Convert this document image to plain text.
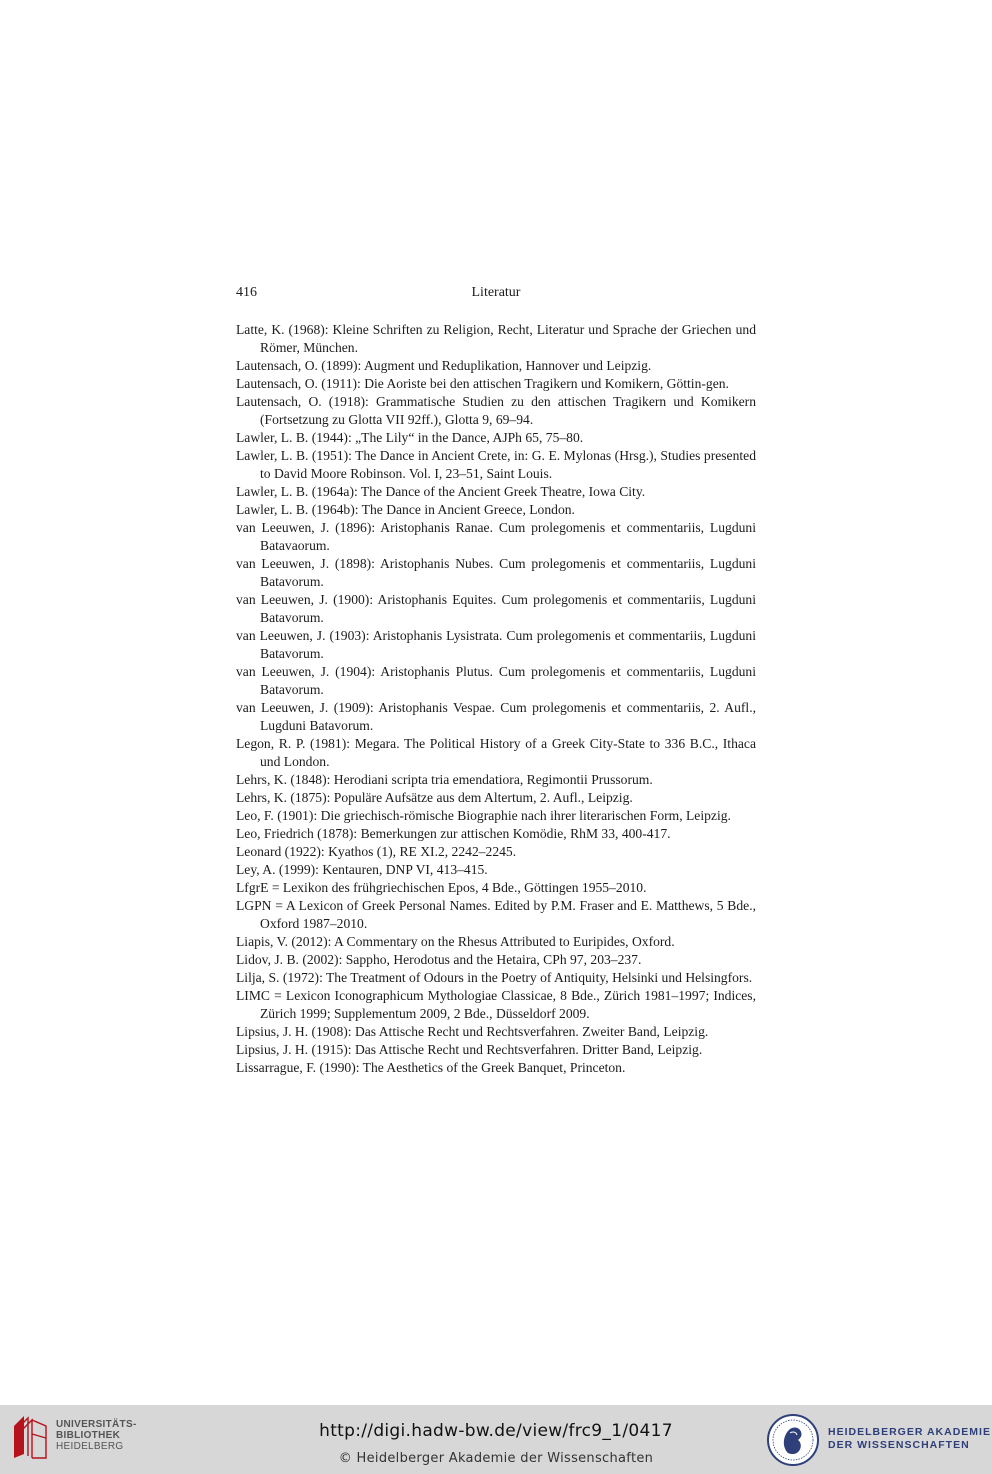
416	Literatur
Latte, K. (1968): Kleine Schriften zu Religion, Recht, Literatur und Sprache der Griechen und Römer, München.
Lautensach, O. (1899): Augment und Reduplikation, Hannover und Leipzig.
Lautensach, O. (1911): Die Aoriste bei den attischen Tragikern und Komikern, Göttin-gen.
Lautensach, O. (1918): Grammatische Studien zu den attischen Tragikern und Komikern (Fortsetzung zu Glotta VII 92ff.), Glotta 9, 69–94.
Lawler, L. B. (1944): „The Lily“ in the Dance, AJPh 65, 75–80.
Lawler, L. B. (1951): The Dance in Ancient Crete, in: G. E. Mylonas (Hrsg.), Studies presented to David Moore Robinson. Vol. I, 23–51, Saint Louis.
Lawler, L. B. (1964a): The Dance of the Ancient Greek Theatre, Iowa City.
Lawler, L. B. (1964b): The Dance in Ancient Greece, London.
van Leeuwen, J. (1896): Aristophanis Ranae. Cum prolegomenis et commentariis, Lugduni Batavaorum.
van Leeuwen, J. (1898): Aristophanis Nubes. Cum prolegomenis et commentariis, Lugduni Batavorum.
van Leeuwen, J. (1900): Aristophanis Equites. Cum prolegomenis et commentariis, Lugduni Batavorum.
van Leeuwen, J. (1903): Aristophanis Lysistrata. Cum prolegomenis et commentariis, Lugduni Batavorum.
van Leeuwen, J. (1904): Aristophanis Plutus. Cum prolegomenis et commentariis, Lugduni Batavorum.
van Leeuwen, J. (1909): Aristophanis Vespae. Cum prolegomenis et commentariis, 2. Aufl., Lugduni Batavorum.
Legon, R. P. (1981): Megara. The Political History of a Greek City-State to 336 B.C., Ithaca und London.
Lehrs, K. (1848): Herodiani scripta tria emendatiora, Regimontii Prussorum.
Lehrs, K. (1875): Populäre Aufsätze aus dem Altertum, 2. Aufl., Leipzig.
Leo, F. (1901): Die griechisch-römische Biographie nach ihrer literarischen Form, Leipzig.
Leo, Friedrich (1878): Bemerkungen zur attischen Komödie, RhM 33, 400-417.
Leonard (1922): Kyathos (1), RE XI.2, 2242–2245.
Ley, A. (1999): Kentauren, DNP VI, 413–415.
LfgrE = Lexikon des frühgriechischen Epos, 4 Bde., Göttingen 1955–2010.
LGPN = A Lexicon of Greek Personal Names. Edited by P.M. Fraser and E. Matthews, 5 Bde., Oxford 1987–2010.
Liapis, V. (2012): A Commentary on the Rhesus Attributed to Euripides, Oxford.
Lidov, J. B. (2002): Sappho, Herodotus and the Hetaira, CPh 97, 203–237.
Lilja, S. (1972): The Treatment of Odours in the Poetry of Antiquity, Helsinki und Helsingfors.
LIMC = Lexicon Iconographicum Mythologiae Classicae, 8 Bde., Zürich 1981–1997; Indices, Zürich 1999; Supplementum 2009, 2 Bde., Düsseldorf 2009.
Lipsius, J. H. (1908): Das Attische Recht und Rechtsverfahren. Zweiter Band, Leipzig.
Lipsius, J. H. (1915): Das Attische Recht und Rechtsverfahren. Dritter Band, Leipzig.
Lissarrague, F. (1990): The Aesthetics of the Greek Banquet, Princeton.
UNIVERSITÄTS-
BIBLIOTHEK
HEIDELBERG
http://digi.hadw-bw.de/view/frc9_1/0417
© Heidelberger Akademie der Wissenschaften
HEIDELBERGER AKADEMIE
DER WISSENSCHAFTEN
